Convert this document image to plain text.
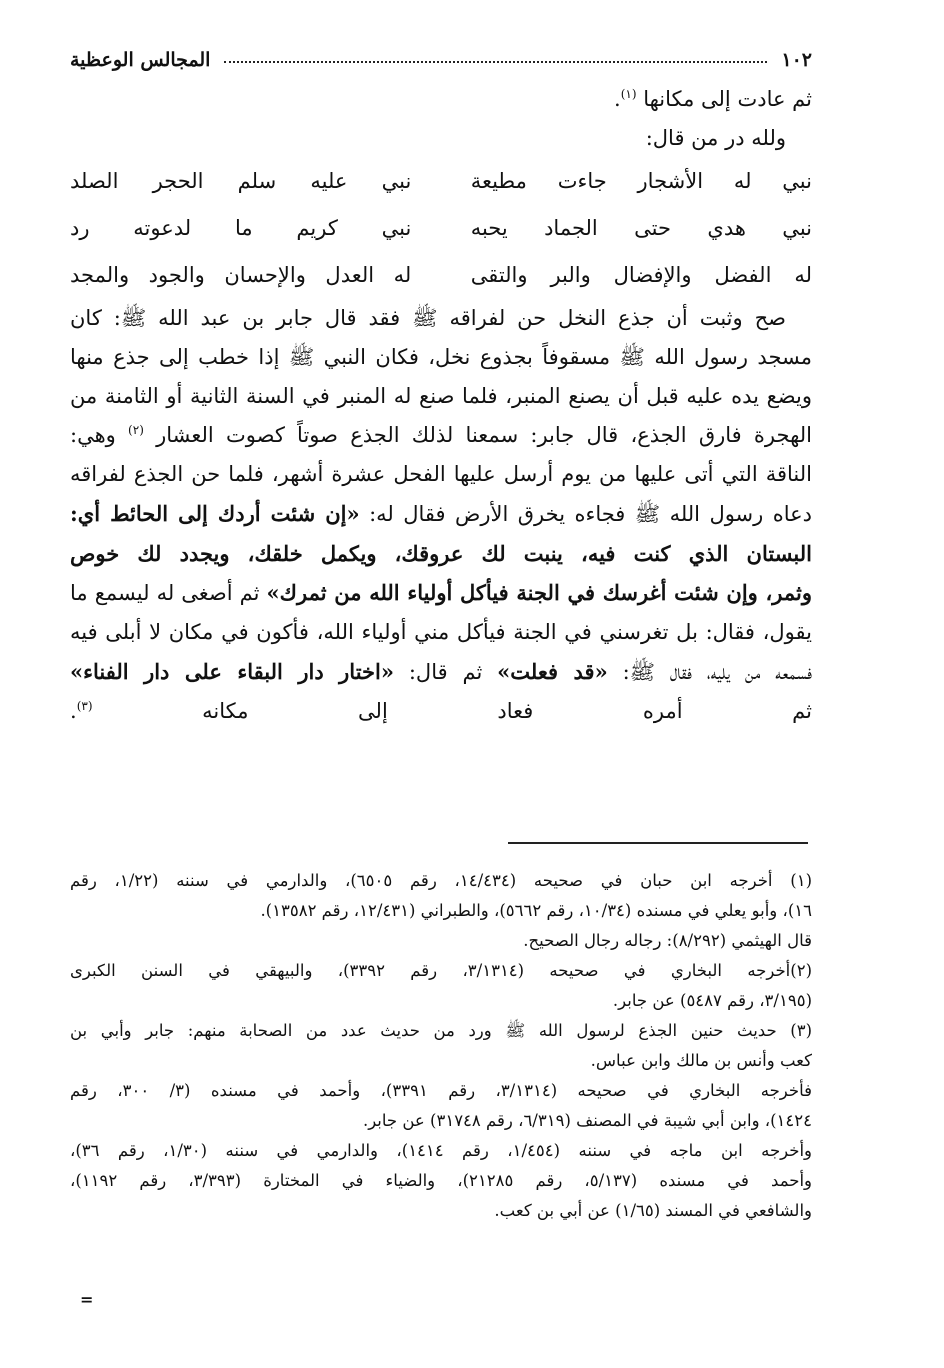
١٠٢
المجالس الوعظية
ثم عادت إلى مكانها $^{(١)}$.
ولله در من قال:
نبي له الأشجار جاءت مطيعة
نبي عليه سلم الحجر الصلد
نبي هدي حتى الجماد يحبه
نبي كريم ما لدعوته رد
له الفضل والإفضال والبر والتقى
له العدل والإحسان والجود والمجد
صح وثبت أن جذع النخل حن لفراقه ﷺ فقد قال جابر بن عبد الله ﷺ: كان
مسجد رسول الله ﷺ مسقوفاً بجذوع نخل، فكان النبي ﷺ إذا خطب إلى جذع منها
ويضع يده عليه قبل أن يصنع المنبر، فلما صنع له المنبر في السنة الثانية أو الثامنة من
الهجرة فارق الجذع، قال جابر: سمعنا لذلك الجذع صوتاً كصوت العشار $^{(٢)}$ وهي:
الناقة التي أتى عليها من يوم أرسل عليها الفحل عشرة أشهر، فلما حن الجذع لفراقه
دعاه رسول الله ﷺ فجاءه يخرق الأرض فقال له: «إن شئت أردك إلى الحائط أي:
البستان الذي كنت فيه، ينبت لك عروقك، ويكمل خلقك، ويجدد لك خوص
وثمر، وإن شئت أغرسك في الجنة فيأكل أولياء الله من ثمرك» ثم أصغى له ليسمع ما
يقول، فقال: بل تغرسني في الجنة فيأكل مني أولياء الله، فأكون في مكان لا أبلى فيه
فسمعه من يليه، فقال ﷺ: «قد فعلت» ثم قال: «اختار دار البقاء على دار الفناء»
ثم أمره فعاد إلى مكانه $^{(٣)}$.
(١) أخرجه ابن حبان في صحيحه (١٤/٤٣٤، رقم ٦٥٠٥)، والدارمي في سننه (١/٢٢، رقم
١٦)، وأبو يعلي في مسنده (١٠/٣٤، رقم ٥٦٦٢)، والطبراني (١٢/٤٣١، رقم ١٣٥٨٢).
قال الهيثمي (٨/٢٩٢): رجاله رجال الصحيح.
(٢)أخرجه البخاري في صحيحه (٣/١٣١٤، رقم ٣٣٩٢)، والبيهقي في السنن الكبرى
(٣/١٩٥، رقم ٥٤٨٧) عن جابر.
(٣) حديث حنين الجذع لرسول الله ﷺ ورد من حديث عدد من الصحابة منهم: جابر وأبي بن
كعب وأنس بن مالك وابن عباس.
فأخرجه البخاري في صحيحه (٣/١٣١٤، رقم ٣٣٩١)، وأحمد في مسنده (٣/ ٣٠٠، رقم
١٤٢٤)، وابن أبي شيبة في المصنف (٦/٣١٩، رقم ٣١٧٤٨) عن جابر.
وأخرجه ابن ماجه في سننه (١/٤٥٤، رقم ١٤١٤)، والدارمي في سننه (١/٣٠، رقم ٣٦)،
وأحمد في مسنده (٥/١٣٧، رقم ٢١٢٨٥)، والضياء في المختارة (٣/٣٩٣، رقم ١١٩٢)،
والشافعي في المسند (١/٦٥) عن أبي بن كعب.
=
